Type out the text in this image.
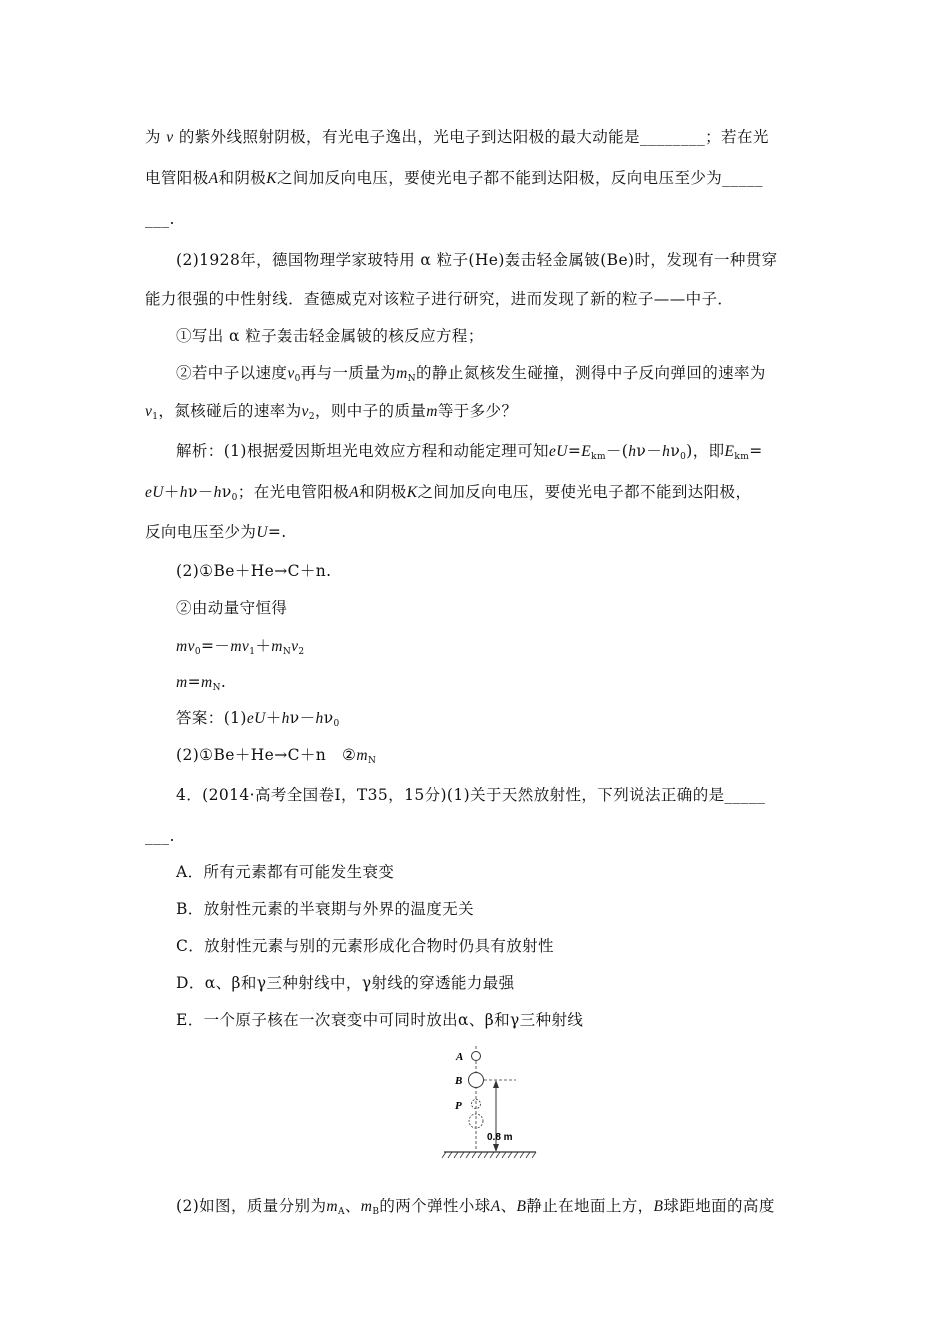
为 ν 的紫外线照射阴极，有光电子逸出，光电子到达阳极的最大动能是________；若在光
电管阳极A和阴极K之间加反向电压，要使光电子都不能到达阳极，反向电压至少为_____
___.
(2)1928年，德国物理学家玻特用 α 粒子(He)轰击轻金属铍(Be)时，发现有一种贯穿
能力很强的中性射线．查德威克对该粒子进行研究，进而发现了新的粒子——中子．
①写出 α 粒子轰击轻金属铍的核反应方程；
②若中子以速度$v_0$再与一质量为$m_N$的静止氮核发生碰撞，测得中子反向弹回的速率为
$v_1$，氮核碰后的速率为$v_2$，则中子的质量m等于多少？
解析：(1)根据爱因斯坦光电效应方程和动能定理可知$eU=E_{km}-(h\nu-h\nu_0)$，即$E_{km}=$
$eU+h\nu-h\nu_0$；在光电管阳极A和阴极K之间加反向电压，要使光电子都不能到达阳极，
反向电压至少为U=.
(2)①Be＋He→C＋n.
②由动量守恒得
$mv_0=-mv_1+m_Nv_2$
$m=m_N$.
答案：$(1)eU+h\nu-h\nu_0$
(2)①Be＋He→C＋n　$②m_N$
4．(2014·高考全国卷Ⅰ，T35，15分)(1)关于天然放射性，下列说法正确的是_____
___.
A．所有元素都有可能发生衰变
B．放射性元素的半衰期与外界的温度无关
C．放射性元素与别的元素形成化合物时仍具有放射性
D．α、β和γ三种射线中，γ射线的穿透能力最强
E．一个原子核在一次衰变中可同时放出α、β和γ三种射线
A
B
P
0.8 m
(2)如图，质量分别为$m_A$、$m_B$的两个弹性小球A、B静止在地面上方，B球距地面的高度
